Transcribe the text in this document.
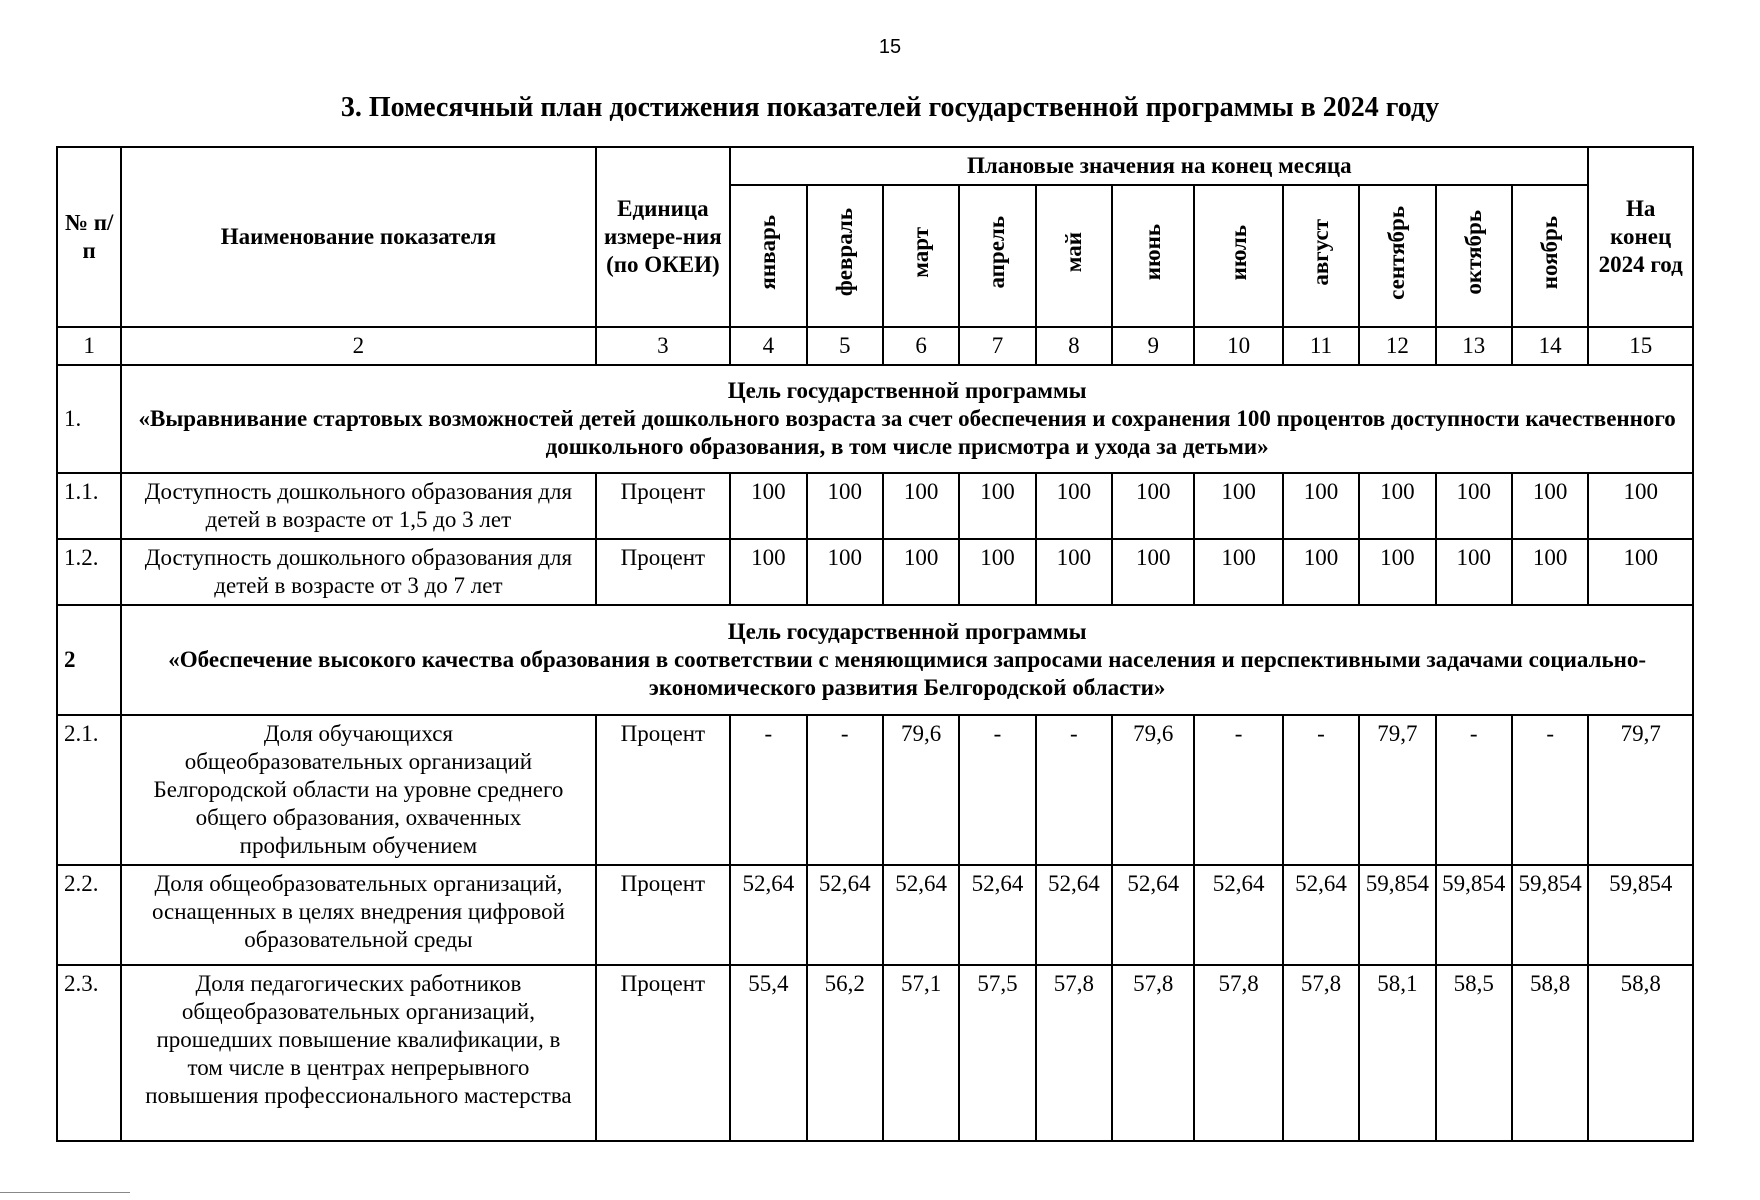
15
3. Помесячный план достижения показателей государственной программы в 2024 году
№ п/п	Наименование показателя	Единица измере-ния (по ОКЕИ)	Плановые значения на конец месяца											На конец 2024 год
			январь	февраль	март	апрель	май	июнь	июль	август	сентябрь	октябрь	ноябрь	
1	2	3	4	5	6	7	8	9	10	11	12	13	14	15
1.	Цель государственной программы
«Выравнивание стартовых возможностей детей дошкольного возраста за счет обеспечения и сохранения 100 процентов доступности качественного дошкольного образования, в том числе присмотра и ухода за детьми»													

1.1.	Доступность дошкольного образования для детей в возрасте от 1,5 до 3 лет	Процент	100	100	100	100	100	100	100	100	100	100	100	100
1.2.	Доступность дошкольного образования для детей в возрасте от 3 до 7 лет	Процент	100	100	100	100	100	100	100	100	100	100	100	100
2	Цель государственной программы
«Обеспечение высокого качества образования в соответствии с меняющимися запросами населения и перспективными задачами социально-экономического развития Белгородской области»													

2.1.	Доля обучающихся общеобразовательных организаций Белгородской области на уровне среднего общего образования, охваченных профильным обучением	Процент	-	-	79,6	-	-	79,6	-	-	79,7	-	-	79,7
2.2.	Доля общеобразовательных организаций, оснащенных в целях внедрения цифровой образовательной среды	Процент	52,64	52,64	52,64	52,64	52,64	52,64	52,64	52,64	59,854	59,854	59,854	59,854
2.3.	Доля педагогических работников общеобразовательных организаций, прошедших повышение квалификации, в том числе в центрах непрерывного повышения профессионального мастерства	Процент	55,4	56,2	57,1	57,5	57,8	57,8	57,8	57,8	58,1	58,5	58,8	58,8
